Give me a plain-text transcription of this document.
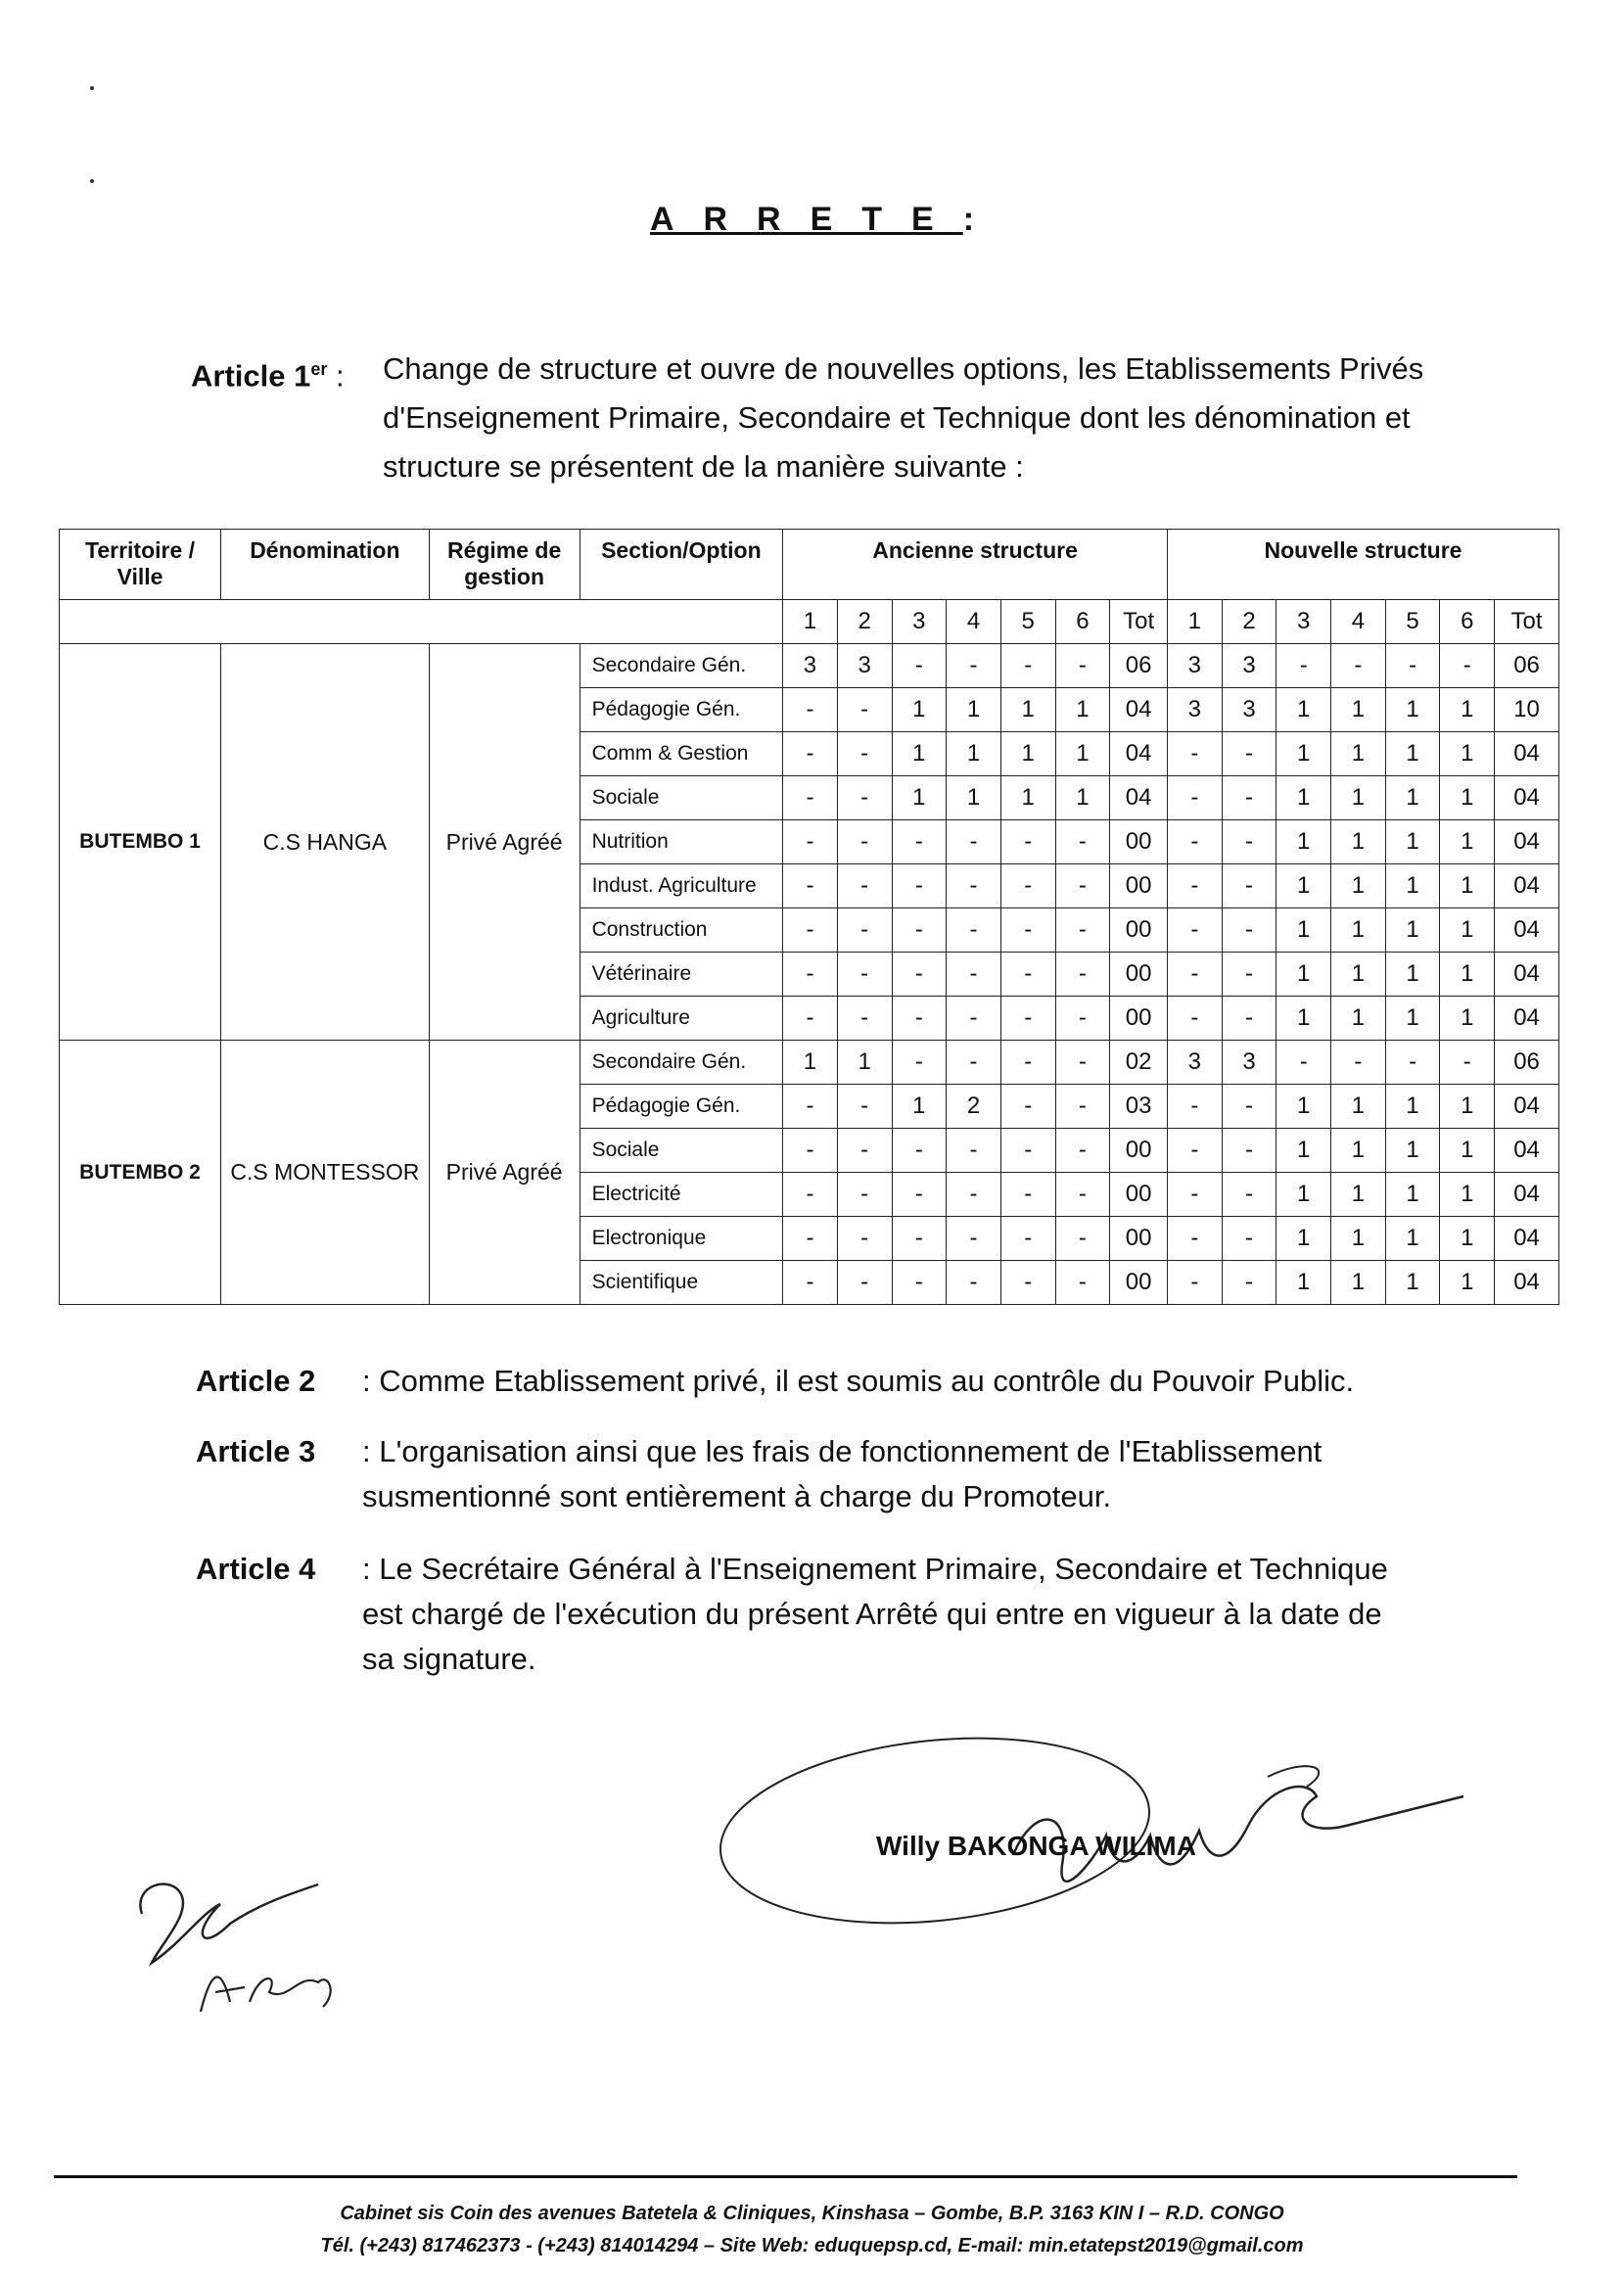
ARRETE:
Article 1er : Change de structure et ouvre de nouvelles options, les Etablissements Privés d'Enseignement Primaire, Secondaire et Technique dont les dénomination et structure se présentent de la manière suivante :
Territoire / Ville	Dénomination	Régime de gestion	Section/Option	Ancienne structure							Nouvelle structure						
				1	2	3	4	5	6	Tot	1	2	3	4	5	6	Tot
BUTEMBO 1	C.S HANGA	Privé Agréé	Secondaire Gén.	3	3	-	-	-	-	06	3	3	-	-	-	-	06
			Pédagogie Gén.	-	-	1	1	1	1	04	3	3	1	1	1	1	10
			Comm & Gestion	-	-	1	1	1	1	04	-	-	1	1	1	1	04
			Sociale	-	-	1	1	1	1	04	-	-	1	1	1	1	04
			Nutrition	-	-	-	-	-	-	00	-	-	1	1	1	1	04
			Indust. Agriculture	-	-	-	-	-	-	00	-	-	1	1	1	1	04
			Construction	-	-	-	-	-	-	00	-	-	1	1	1	1	04
			Vétérinaire	-	-	-	-	-	-	00	-	-	1	1	1	1	04
			Agriculture	-	-	-	-	-	-	00	-	-	1	1	1	1	04
BUTEMBO 2	C.S MONTESSOR	Privé Agréé	Secondaire Gén.	1	1	-	-	-	-	02	3	3	-	-	-	-	06
			Pédagogie Gén.	-	-	1	2	-	-	03	-	-	1	1	1	1	04
			Sociale	-	-	-	-	-	-	00	-	-	1	1	1	1	04
			Electricité	-	-	-	-	-	-	00	-	-	1	1	1	1	04
			Electronique	-	-	-	-	-	-	00	-	-	1	1	1	1	04
			Scientifique	-	-	-	-	-	-	00	-	-	1	1	1	1	04
Article 2 : Comme Etablissement privé, il est soumis au contrôle du Pouvoir Public.
Article 3 : L'organisation ainsi que les frais de fonctionnement de l'Etablissement susmentionné sont entièrement à charge du Promoteur.
Article 4 : Le Secrétaire Général à l'Enseignement Primaire, Secondaire et Technique est chargé de l'exécution du présent Arrêté qui entre en vigueur à la date de sa signature.
Willy BAKONGA WILIMA
Cabinet sis Coin des avenues Batetela & Cliniques, Kinshasa – Gombe, B.P. 3163 KIN I – R.D. CONGO
Tél. (+243) 817462373 - (+243) 814014294 – Site Web: eduquepsp.cd, E-mail: min.etatepst2019@gmail.com
